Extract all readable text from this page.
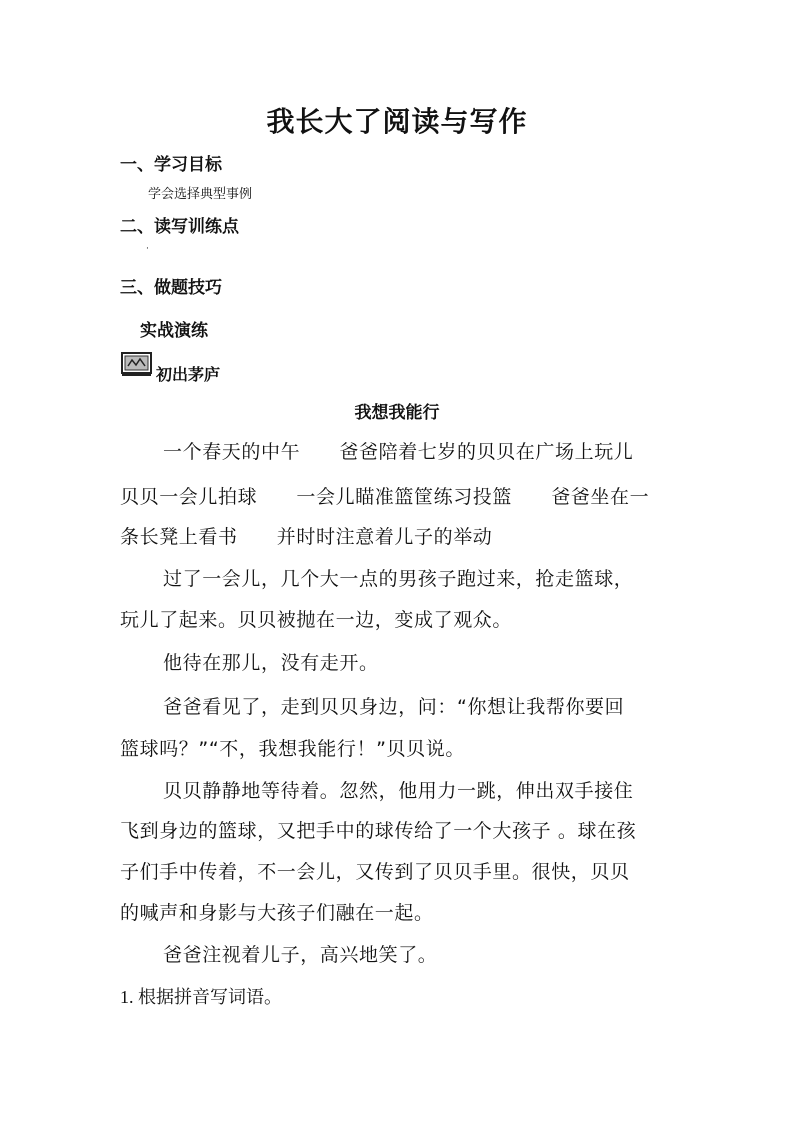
我长大了阅读与写作
一、学习目标
学会选择典型事例
二、读写训练点
·
三、做题技巧
实战演练
初出茅庐
我想我能行
一个春天的中午　　爸爸陪着七岁的贝贝在广场上玩儿
贝贝一会儿拍球　　一会儿瞄准篮筐练习投篮　　爸爸坐在一
条长凳上看书　　并时时注意着儿子的举动
过了一会儿，几个大一点的男孩子跑过来，抢走篮球，
玩儿了起来。贝贝被抛在一边，变成了观众。
他待在那儿，没有走开。
爸爸看见了，走到贝贝身边，问：“你想让我帮你要回
篮球吗？”“不，我想我能行！”贝贝说。
贝贝静静地等待着。忽然，他用力一跳，伸出双手接住
飞到身边的篮球，又把手中的球传给了一个大孩子 。球在孩
子们手中传着，不一会儿，又传到了贝贝手里。很快，贝贝
的喊声和身影与大孩子们融在一起。
爸爸注视着儿子，高兴地笑了。
1. 根据拼音写词语。
